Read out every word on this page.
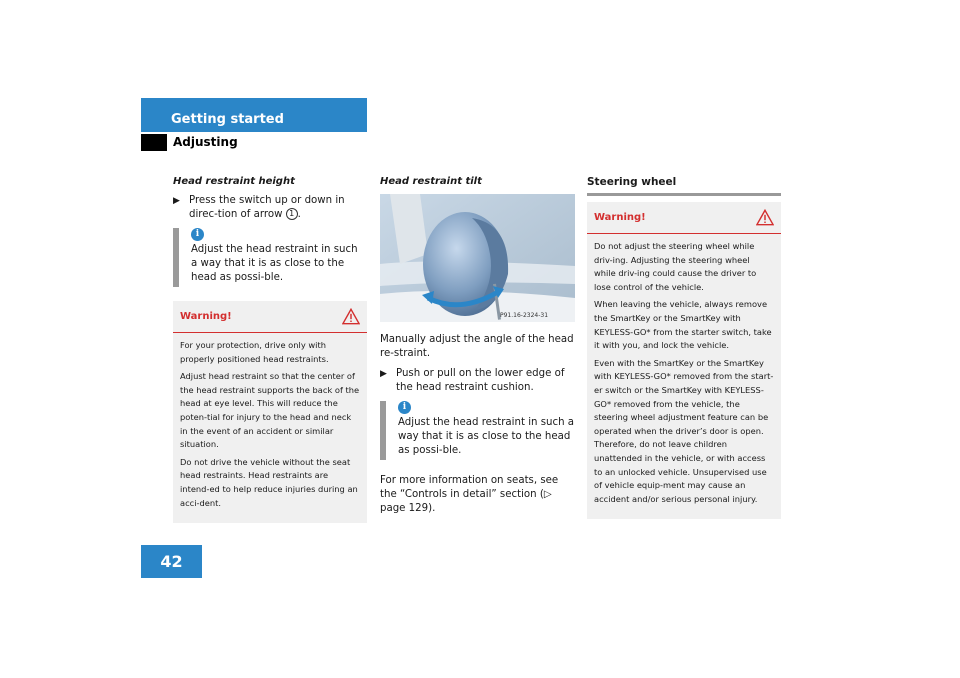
Getting started
Adjusting
Head restraint height
▶ Press the switch up or down in direc-tion of arrow 1 .
i
Adjust the head restraint in such a way that it is as close to the head as possi-ble.
Warning!

For your protection, drive only with properly positioned head restraints.

Adjust head restraint so that the center of the head restraint supports the back of the head at eye level. This will reduce the poten-tial for injury to the head and neck in the event of an accident or similar situation.

Do not drive the vehicle without the seat head restraints. Head restraints are intend-ed to help reduce injuries during an acci-dent.

Head restraint tilt
P91.16-2324-31
Manually adjust the angle of the head re-straint.
▶ Push or pull on the lower edge of the head restraint cushion.
i
Adjust the head restraint in such a way that it is as close to the head as possi-ble.
For more information on seats, see the “Controls in detail” section (▷ page 129).
Steering wheel
Warning!

Do not adjust the steering wheel while driv-ing. Adjusting the steering wheel while driv-ing could cause the driver to lose control of the vehicle.

When leaving the vehicle, always remove the SmartKey or the SmartKey with KEYLESS-GO* from the starter switch, take it with you, and lock the vehicle.

Even with the SmartKey or the SmartKey with KEYLESS-GO* removed from the start-er switch or the SmartKey with KEYLESS-GO* removed from the vehicle, the steering wheel adjustment feature can be operated when the driver’s door is open. Therefore, do not leave children unattended in the vehicle, or with access to an unlocked vehicle. Unsupervised use of vehicle equip-ment may cause an accident and/or serious personal injury.

42
